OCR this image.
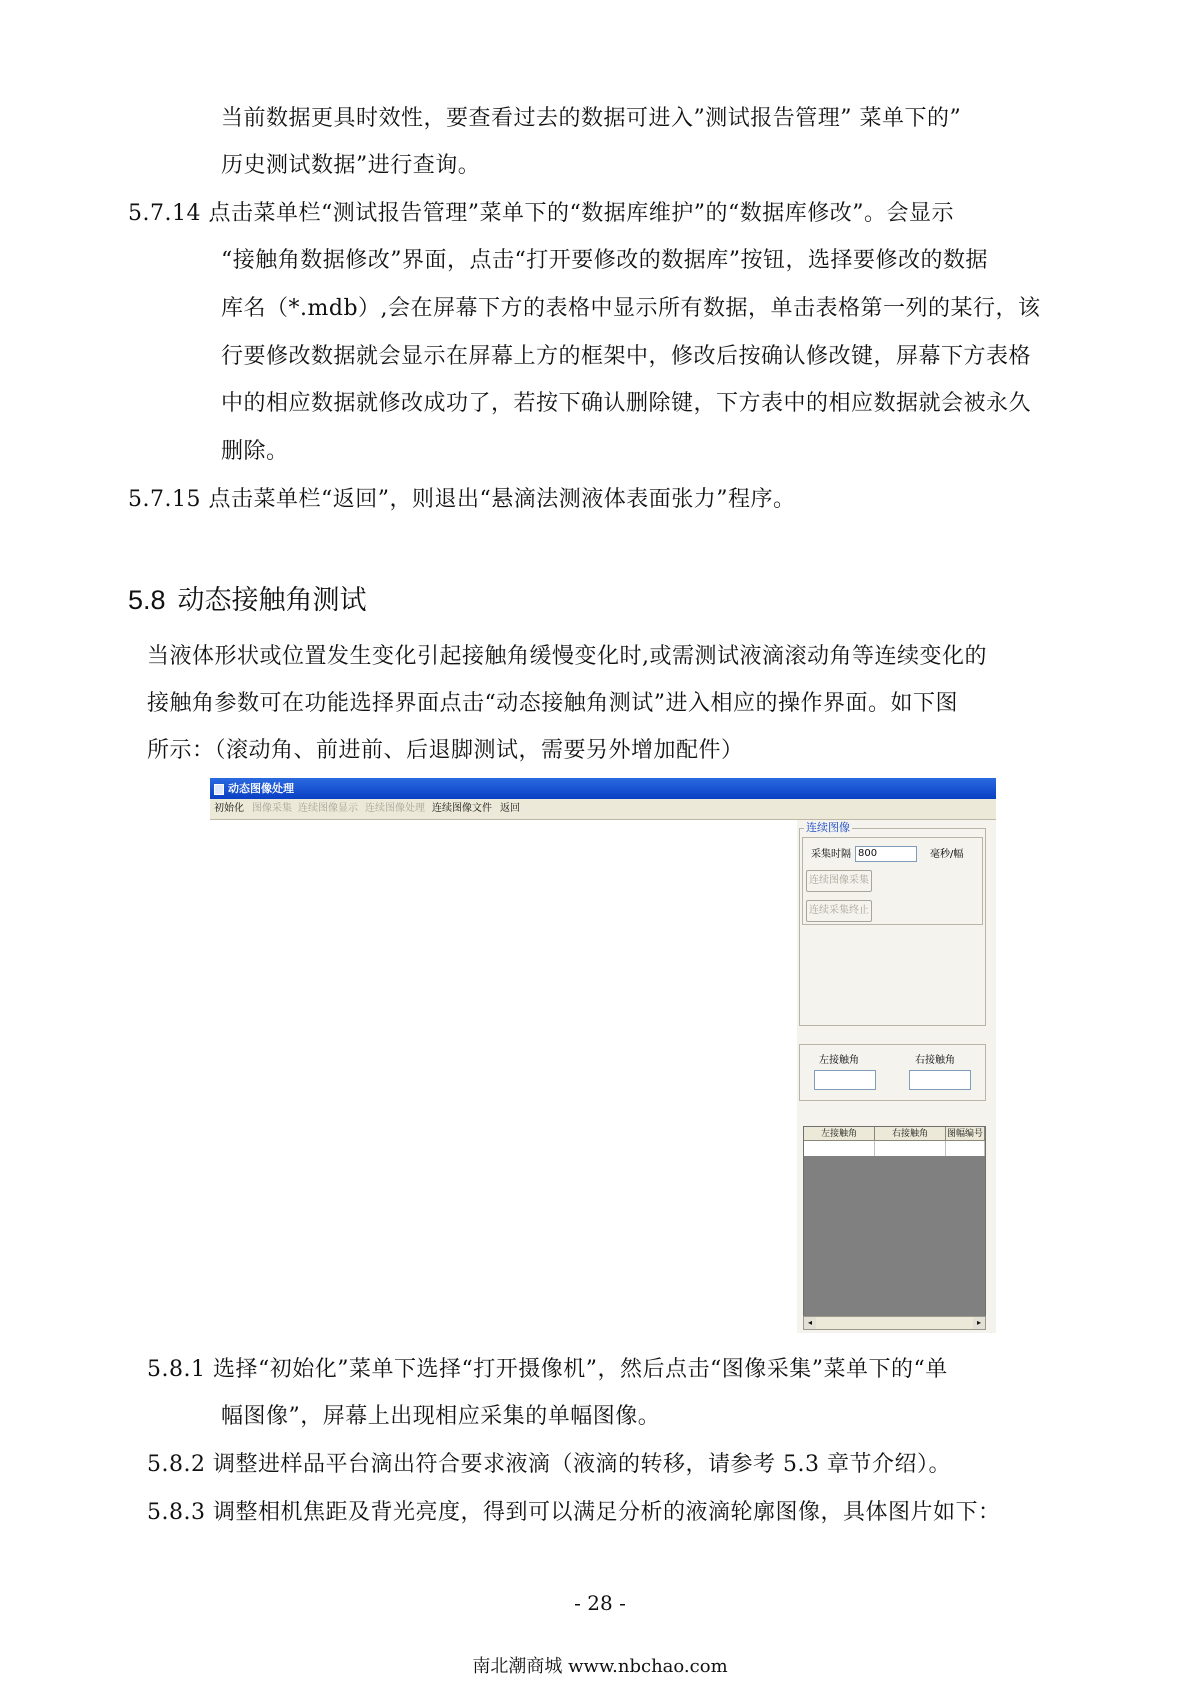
当前数据更具时效性，要查看过去的数据可进入”测试报告管理” 菜单下的”
历史测试数据”进行查询。
5.7.14 点击菜单栏“测试报告管理”菜单下的“数据库维护”的“数据库修改”。会显示
“接触角数据修改”界面，点击“打开要修改的数据库”按钮，选择要修改的数据
库名（*.mdb）,会在屏幕下方的表格中显示所有数据，单击表格第一列的某行，该
行要修改数据就会显示在屏幕上方的框架中，修改后按确认修改键，屏幕下方表格
中的相应数据就修改成功了，若按下确认删除键，下方表中的相应数据就会被永久
删除。
5.7.15 点击菜单栏“返回”，则退出“悬滴法测液体表面张力”程序。
5.8 动态接触角测试
当液体形状或位置发生变化引起接触角缓慢变化时,或需测试液滴滚动角等连续变化的
接触角参数可在功能选择界面点击“动态接触角测试”进入相应的操作界面。如下图
所示：（滚动角、前进前、后退脚测试，需要另外增加配件）
动态图像处理
初始化 图像采集 连续图像显示 连续图像处理 连续图像文件 返回
连续图像
采集时隔 800	毫秒/幅
连续图像采集
连续采集终止
左接触角	右接触角
左接触角	右接触角	图幅编号
◂	▸
5.8.1 选择“初始化”菜单下选择“打开摄像机”，然后点击“图像采集”菜单下的“单
幅图像”，屏幕上出现相应采集的单幅图像。
5.8.2 调整进样品平台滴出符合要求液滴（液滴的转移，请参考 5.3 章节介绍）。
5.8.3 调整相机焦距及背光亮度，得到可以满足分析的液滴轮廓图像，具体图片如下：
- 28 -
南北潮商城 www.nbchao.com
